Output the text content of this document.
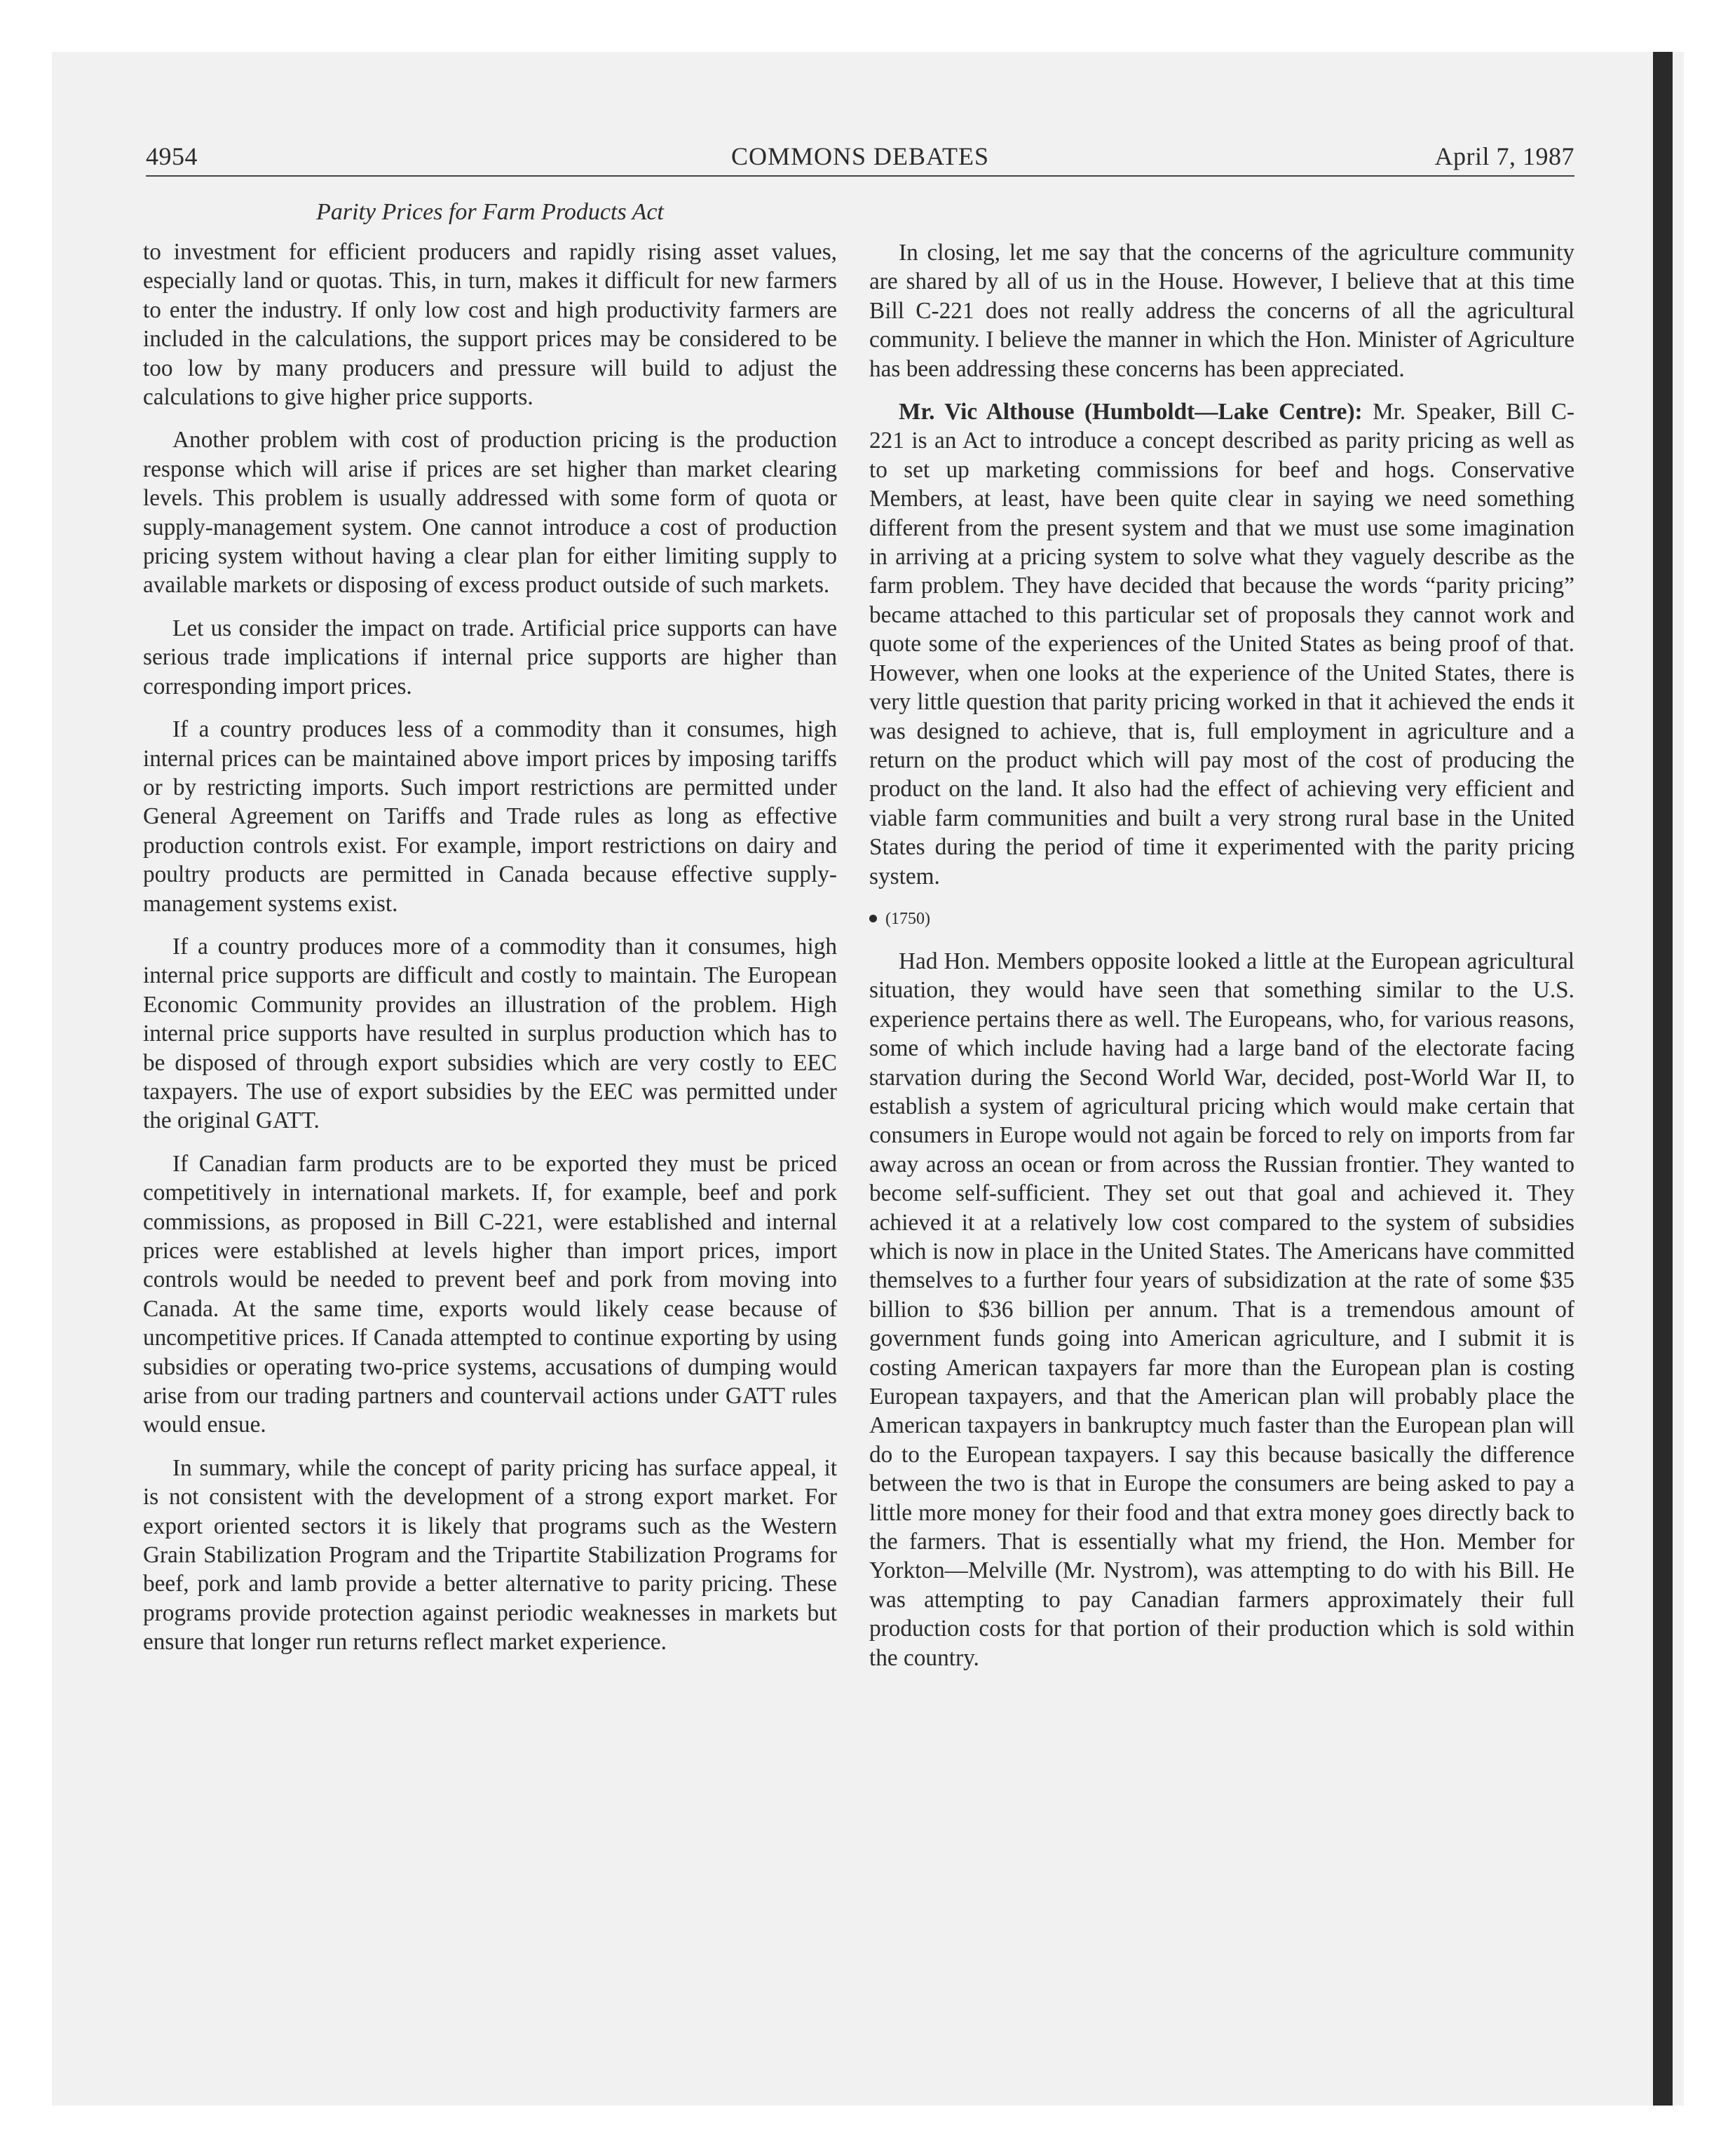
4954	COMMONS DEBATES	April 7, 1987
Parity Prices for Farm Products Act

to investment for efficient producers and rapidly rising asset values, especially land or quotas. This, in turn, makes it difficult for new farmers to enter the industry. If only low cost and high productivity farmers are included in the calculations, the support prices may be considered to be too low by many producers and pressure will build to adjust the calculations to give higher price supports.

Another problem with cost of production pricing is the production response which will arise if prices are set higher than market clearing levels. This problem is usually addressed with some form of quota or supply-management system. One cannot introduce a cost of production pricing system without having a clear plan for either limiting supply to available markets or disposing of excess product outside of such markets.

Let us consider the impact on trade. Artificial price supports can have serious trade implications if internal price supports are higher than corresponding import prices.

If a country produces less of a commodity than it consumes, high internal prices can be maintained above import prices by imposing tariffs or by restricting imports. Such import restrictions are permitted under General Agreement on Tariffs and Trade rules as long as effective production controls exist. For example, import restrictions on dairy and poultry products are permitted in Canada because effective supply-management systems exist.

If a country produces more of a commodity than it consumes, high internal price supports are difficult and costly to maintain. The European Economic Community provides an illustration of the problem. High internal price supports have resulted in surplus production which has to be disposed of through export subsidies which are very costly to EEC taxpayers. The use of export subsidies by the EEC was permitted under the original GATT.

If Canadian farm products are to be exported they must be priced competitively in international markets. If, for example, beef and pork commissions, as proposed in Bill C-221, were established and internal prices were established at levels higher than import prices, import controls would be needed to prevent beef and pork from moving into Canada. At the same time, exports would likely cease because of uncompetitive prices. If Canada attempted to continue exporting by using subsidies or operating two-price systems, accusations of dumping would arise from our trading partners and countervail actions under GATT rules would ensue.

In summary, while the concept of parity pricing has surface appeal, it is not consistent with the development of a strong export market. For export oriented sectors it is likely that programs such as the Western Grain Stabilization Program and the Tripartite Stabilization Programs for beef, pork and lamb provide a better alternative to parity pricing. These programs provide protection against periodic weaknesses in markets but ensure that longer run returns reflect market experience.

In closing, let me say that the concerns of the agriculture community are shared by all of us in the House. However, I believe that at this time Bill C-221 does not really address the concerns of all the agricultural community. I believe the manner in which the Hon. Minister of Agriculture has been addressing these concerns has been appreciated.

Mr. Vic Althouse (Humboldt—Lake Centre): Mr. Speaker, Bill C-221 is an Act to introduce a concept described as parity pricing as well as to set up marketing commissions for beef and hogs. Conservative Members, at least, have been quite clear in saying we need something different from the present system and that we must use some imagination in arriving at a pricing system to solve what they vaguely describe as the farm problem. They have decided that because the words “parity pricing” became attached to this particular set of proposals they cannot work and quote some of the experiences of the United States as being proof of that. However, when one looks at the experience of the United States, there is very little question that parity pricing worked in that it achieved the ends it was designed to achieve, that is, full employment in agriculture and a return on the product which will pay most of the cost of producing the product on the land. It also had the effect of achieving very efficient and viable farm communities and built a very strong rural base in the United States during the period of time it experimented with the parity pricing system.

(1750)

Had Hon. Members opposite looked a little at the European agricultural situation, they would have seen that something similar to the U.S. experience pertains there as well. The Europeans, who, for various reasons, some of which include having had a large band of the electorate facing starvation during the Second World War, decided, post-World War II, to establish a system of agricultural pricing which would make certain that consumers in Europe would not again be forced to rely on imports from far away across an ocean or from across the Russian frontier. They wanted to become self-sufficient. They set out that goal and achieved it. They achieved it at a relatively low cost compared to the system of subsidies which is now in place in the United States. The Americans have committed themselves to a further four years of subsidization at the rate of some $35 billion to $36 billion per annum. That is a tremendous amount of government funds going into American agriculture, and I submit it is costing American taxpayers far more than the European plan is costing European taxpayers, and that the American plan will probably place the American taxpayers in bankruptcy much faster than the European plan will do to the European taxpayers. I say this because basically the difference between the two is that in Europe the consumers are being asked to pay a little more money for their food and that extra money goes directly back to the farmers. That is essentially what my friend, the Hon. Member for Yorkton—Melville (Mr. Nystrom), was attempting to do with his Bill. He was attempting to pay Canadian farmers approximately their full production costs for that portion of their production which is sold within the country.
